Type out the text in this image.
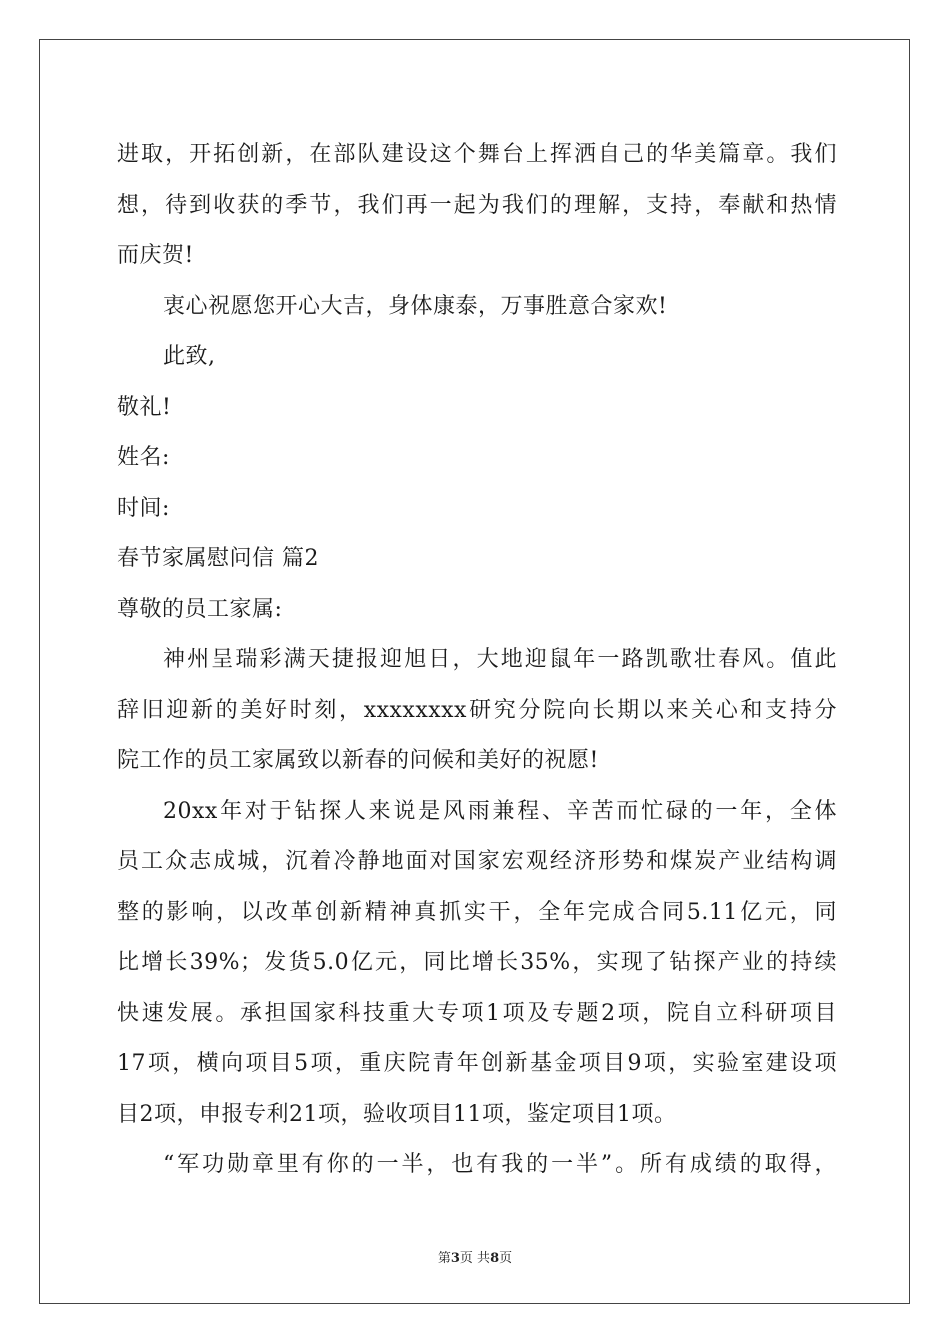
进取，开拓创新，在部队建设这个舞台上挥洒自己的华美篇章。我们
想，待到收获的季节，我们再一起为我们的理解，支持，奉献和热情
而庆贺!
衷心祝愿您开心大吉，身体康泰，万事胜意合家欢!
此致,
敬礼!
姓名:
时间:
春节家属慰问信 篇2
尊敬的员工家属:
神州呈瑞彩满天捷报迎旭日，大地迎鼠年一路凯歌壮春风。值此
辞旧迎新的美好时刻，xxxxxxxx研究分院向长期以来关心和支持分
院工作的员工家属致以新春的问候和美好的祝愿!
20xx年对于钻探人来说是风雨兼程、辛苦而忙碌的一年，全体
员工众志成城，沉着冷静地面对国家宏观经济形势和煤炭产业结构调
整的影响，以改革创新精神真抓实干，全年完成合同5.11亿元，同
比增长39%；发货5.0亿元，同比增长35%，实现了钻探产业的持续
快速发展。承担国家科技重大专项1项及专题2项，院自立科研项目
17项，横向项目5项，重庆院青年创新基金项目9项，实验室建设项
目2项，申报专利21项，验收项目11项，鉴定项目1项。
“军功勋章里有你的一半，也有我的一半”。所有成绩的取得，
第3页 共8页
